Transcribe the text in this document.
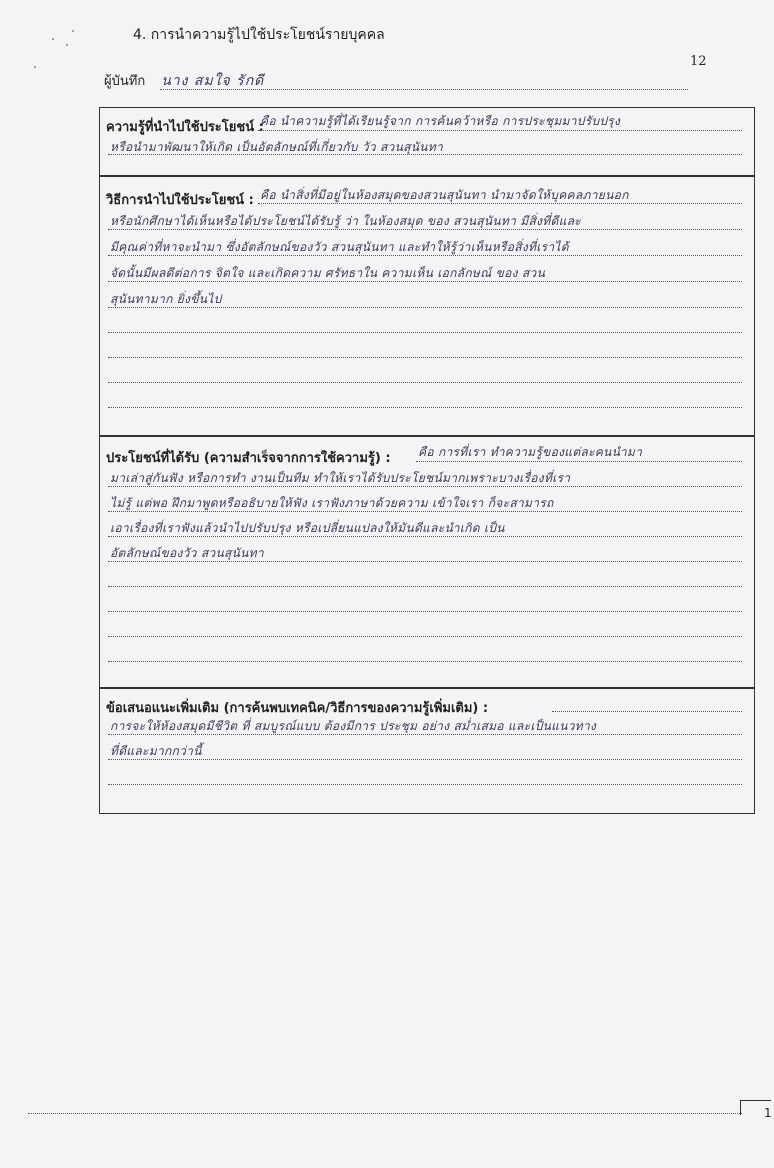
4. การนำความรู้ไปใช้ประโยชน์รายบุคคล
12
ผู้บันทึก นาง สมใจ รักดี
ความรู้ที่นำไปใช้ประโยชน์ :
คือ นำความรู้ที่ได้เรียนรู้จาก การค้นคว้าหรือ การประชุมมาปรับปรุง
หรือนำมาพัฒนาให้เกิด เป็นอัตลักษณ์ที่เกี่ยวกับ วัว สวนสุนันทา
วิธีการนำไปใช้ประโยชน์ : คือ นำสิ่งที่มีอยู่ในห้องสมุดของสวนสุนันทา นำมาจัดให้บุคคลภายนอก
หรือนักศึกษาได้เห็นหรือได้ประโยชน์ได้รับรู้ ว่า ในห้องสมุด ของ สวนสุนันทา มีสิ่งที่ดีและ
มีคุณค่าที่หาจะนำมา ซึ่งอัตลักษณ์ของวัว สวนสุนันทา และทำให้รู้ว่าเห็นหรือสิ่งที่เราได้
จัดนั้นมีผลดีต่อการ จิตใจ และเกิดความ ศรัทธาใน ความเห็น เอกลักษณ์ ของ สวน
สุนันทามาก ยิ่งขึ้นไป
ประโยชน์ที่ได้รับ (ความสำเร็จจากการใช้ความรู้) : คือ การที่เรา ทำความรู้ของแต่ละคนนำมา
มาเล่าสู่กันฟัง หรือการทำ งานเป็นทีม ทำให้เราได้รับประโยชน์มากเพราะบางเรื่องที่เรา
ไม่รู้ แต่พอ ฝึกมาพูดหรืออธิบายให้ฟัง เราฟังภาษาด้วยความ เข้าใจเรา ก็จะสามารถ
เอาเรื่องที่เราฟังแล้วนำไปปรับปรุง หรือเปลี่ยนแปลงให้มันดีและนำเกิด เป็น
อัตลักษณ์ของวัว สวนสุนันทา
ข้อเสนอแนะเพิ่มเติม (การค้นพบเทคนิค/วิธีการของความรู้เพิ่มเติม) :
การจะให้ห้องสมุดมีชีวิต ที่ สมบูรณ์แบบ ต้องมีการ ประชุม อย่าง สม่ำเสมอ และเป็นแนวทาง
ที่ดีและมากกว่านี้
1
